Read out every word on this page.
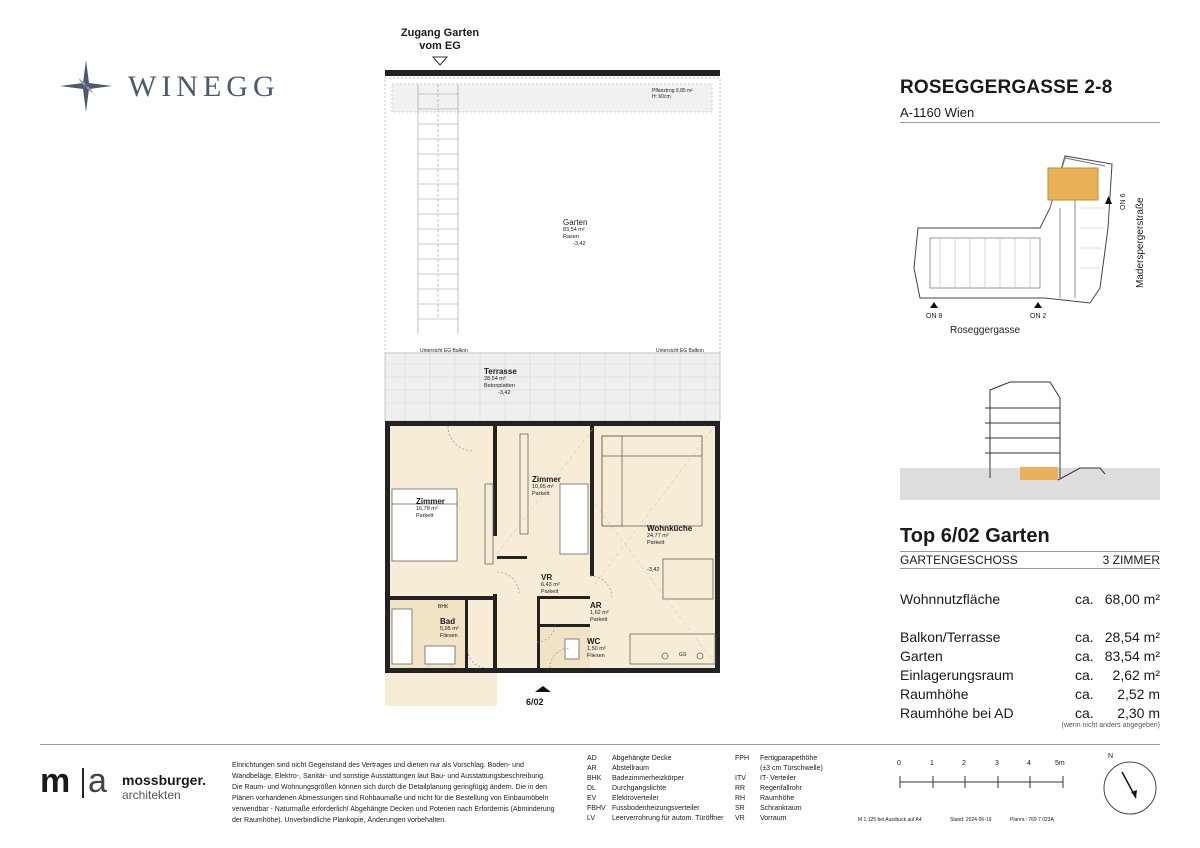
Zugang Garten
vom EG
WINEGG	ROSEGGERGASSE 2-8
A-1160 Wien
Maderspergerstraße
ON 6
ON 8	ON 2
Roseggergasse
Top 6/02 Garten
GARTENGESCHOSS	3 ZIMMER
Wohnnutzfläche	ca. 68,00 m²
Balkon/Terrasse	ca. 28,54 m²
Garten	ca. 83,54 m²
Einlagerungsraum	ca.	2,62 m²
Raumhöhe	ca.	2,52 m
Raumhöhe bei AD	ca.	2,30 m
(wenn nicht anders angegeben)
Pflanztrog 9,85 m²
H: 60cm
Garten
83,54 m²
Rasen
-3,42
Untersicht EG Balkon	Untersicht EG Balkon
Terrasse
28,54 m²
Betonplatten
-3,42
Zimmer
16,78 m²
Parkett
Zimmer
10,95 m²
Parkett
Wohnküche
24,77 m²
Parkett
-3,42
VR
6,43 m²
Parkett
AR
1,62 m²
Parkett
BHK
Bad
5,95 m²
Fliesen
WC
1,50 m²
Fliesen	GS
6/02
m a mossburger.
architekten
Einrichtungen sind nicht Gegenstand des Vertrages und dienen nur als Vorschlag. Boden- und
Wandbeläge, Elektro-, Sanitär- und sonstige Ausstattungen laut Bau- und Ausstattungsbeschreibung.
Die Raum- und Wohnungsgrößen können sich durch die Detailplanung geringfügig ändern. Die in den
Plänen vorhandenen Abmessungen sind Rohbaumaße und nicht für die Bestellung von Einbaumöbeln
verwendbar - Naturmaße erforderlich! Abgehängte Decken und Poterien nach Erfordernis (Abminderung
der Raumhöhe). Unverbindliche Plankopie, Änderungen vorbehalten.
AD Abgehängte Decke
AR Abstellraum
BHK Badezimmerheizkörper
DL Durchgangslichte
EV Elektroverteiler
FBHV Fussbodenheizungsverteiler
LV Leerverrohrung für autom. Türöffner
FPH Fertigparapethöhe
(±3 cm Türschwelle)
ITV IT- Verteiler
RR Regenfallrohr
RH Raumhöhe
SR Schrankraum
VR Vorraum
0	1	2	3	4	5m
M 1:125 bei Ausdruck auf A4	Stand: 2024-06-19	Plannr.: 769 7 023A
N
